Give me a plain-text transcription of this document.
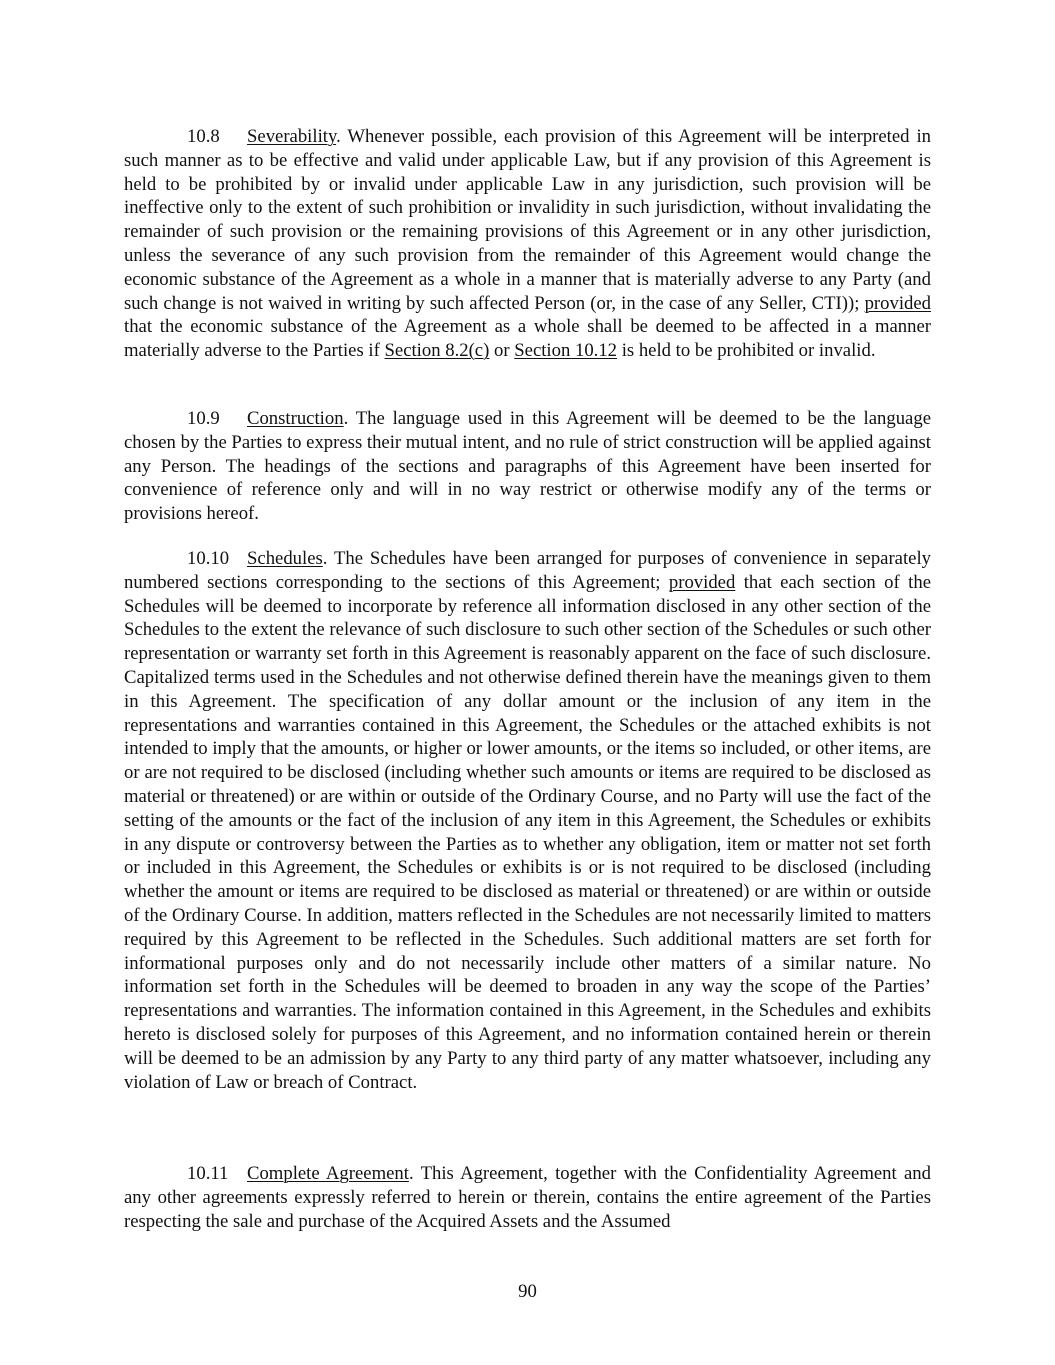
10.8 Severability. Whenever possible, each provision of this Agreement will be interpreted in such manner as to be effective and valid under applicable Law, but if any provision of this Agreement is held to be prohibited by or invalid under applicable Law in any jurisdiction, such provision will be ineffective only to the extent of such prohibition or invalidity in such jurisdiction, without invalidating the remainder of such provision or the remaining provisions of this Agreement or in any other jurisdiction, unless the severance of any such provision from the remainder of this Agreement would change the economic substance of the Agreement as a whole in a manner that is materially adverse to any Party (and such change is not waived in writing by such affected Person (or, in the case of any Seller, CTI)); provided that the economic substance of the Agreement as a whole shall be deemed to be affected in a manner materially adverse to the Parties if Section 8.2(c) or Section 10.12 is held to be prohibited or invalid.

10.9 Construction. The language used in this Agreement will be deemed to be the language chosen by the Parties to express their mutual intent, and no rule of strict construction will be applied against any Person. The headings of the sections and paragraphs of this Agreement have been inserted for convenience of reference only and will in no way restrict or otherwise modify any of the terms or provisions hereof.

10.10 Schedules. The Schedules have been arranged for purposes of convenience in separately numbered sections corresponding to the sections of this Agreement; provided that each section of the Schedules will be deemed to incorporate by reference all information disclosed in any other section of the Schedules to the extent the relevance of such disclosure to such other section of the Schedules or such other representation or warranty set forth in this Agreement is reasonably apparent on the face of such disclosure. Capitalized terms used in the Schedules and not otherwise defined therein have the meanings given to them in this Agreement. The specification of any dollar amount or the inclusion of any item in the representations and warranties contained in this Agreement, the Schedules or the attached exhibits is not intended to imply that the amounts, or higher or lower amounts, or the items so included, or other items, are or are not required to be disclosed (including whether such amounts or items are required to be disclosed as material or threatened) or are within or outside of the Ordinary Course, and no Party will use the fact of the setting of the amounts or the fact of the inclusion of any item in this Agreement, the Schedules or exhibits in any dispute or controversy between the Parties as to whether any obligation, item or matter not set forth or included in this Agreement, the Schedules or exhibits is or is not required to be disclosed (including whether the amount or items are required to be disclosed as material or threatened) or are within or outside of the Ordinary Course. In addition, matters reflected in the Schedules are not necessarily limited to matters required by this Agreement to be reflected in the Schedules. Such additional matters are set forth for informational purposes only and do not necessarily include other matters of a similar nature. No information set forth in the Schedules will be deemed to broaden in any way the scope of the Parties’ representations and warranties. The information contained in this Agreement, in the Schedules and exhibits hereto is disclosed solely for purposes of this Agreement, and no information contained herein or therein will be deemed to be an admission by any Party to any third party of any matter whatsoever, including any violation of Law or breach of Contract.

10.11 Complete Agreement. This Agreement, together with the Confidentiality Agreement and any other agreements expressly referred to herein or therein, contains the entire agreement of the Parties respecting the sale and purchase of the Acquired Assets and the Assumed

90
